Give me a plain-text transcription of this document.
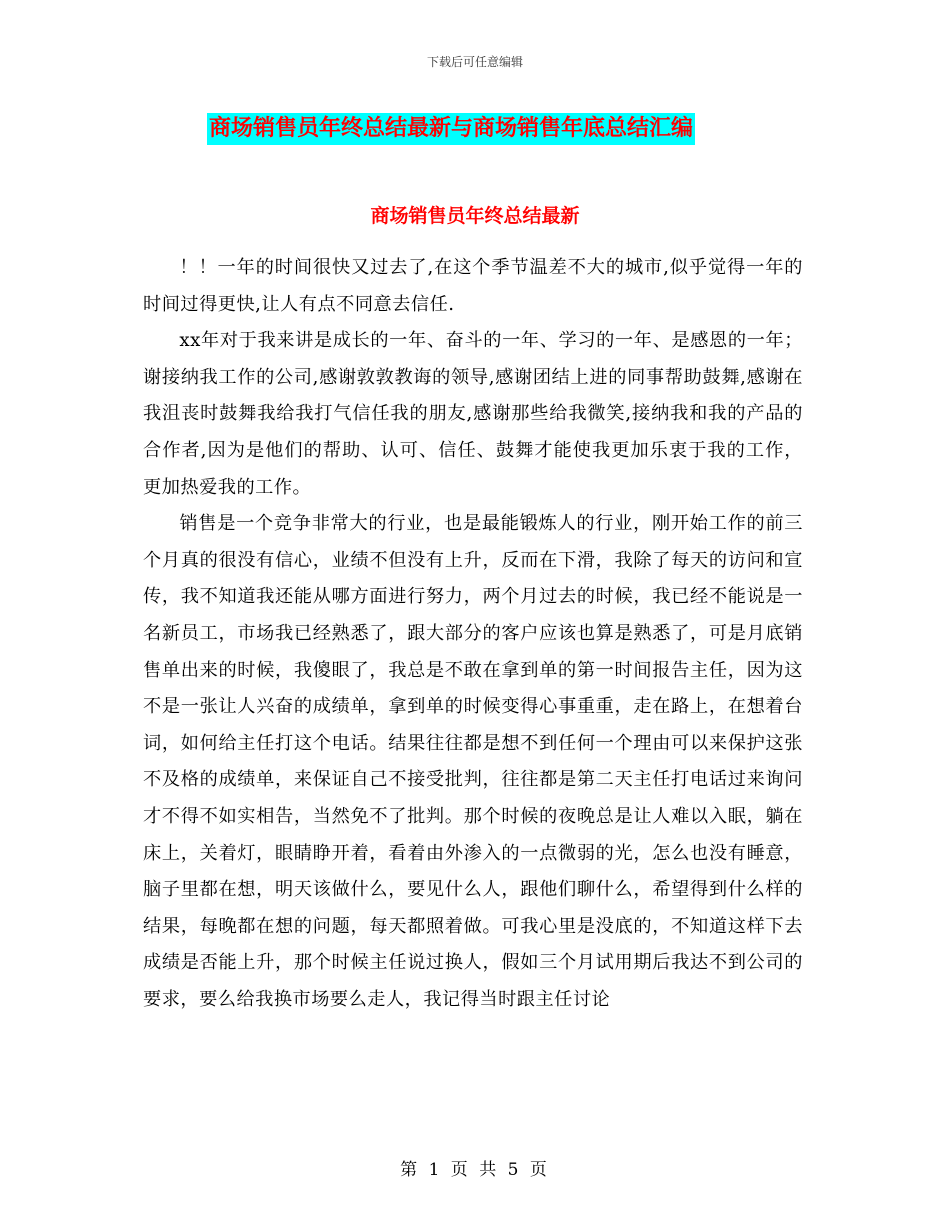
下载后可任意编辑
商场销售员年终总结最新与商场销售年底总结汇编
商场销售员年终总结最新

！！一年的时间很快又过去了,在这个季节温差不大的城市,似乎觉得一年的时间过得更快,让人有点不同意去信任.

xx年对于我来讲是成长的一年、奋斗的一年、学习的一年、是感恩的一年；谢接纳我工作的公司,感谢敦敦教诲的领导,感谢团结上进的同事帮助鼓舞,感谢在我沮丧时鼓舞我给我打气信任我的朋友,感谢那些给我微笑,接纳我和我的产品的合作者,因为是他们的帮助、认可、信任、鼓舞才能使我更加乐衷于我的工作，更加热爱我的工作。

销售是一个竞争非常大的行业，也是最能锻炼人的行业，刚开始工作的前三个月真的很没有信心，业绩不但没有上升，反而在下滑，我除了每天的访问和宣传，我不知道我还能从哪方面进行努力，两个月过去的时候，我已经不能说是一名新员工，市场我已经熟悉了，跟大部分的客户应该也算是熟悉了，可是月底销售单出来的时候，我傻眼了，我总是不敢在拿到单的第一时间报告主任，因为这不是一张让人兴奋的成绩单，拿到单的时候变得心事重重，走在路上，在想着台词，如何给主任打这个电话。结果往往都是想不到任何一个理由可以来保护这张不及格的成绩单，来保证自己不接受批判，往往都是第二天主任打电话过来询问才不得不如实相告，当然免不了批判。那个时候的夜晚总是让人难以入眠，躺在床上，关着灯，眼睛睁开着，看着由外渗入的一点微弱的光，怎么也没有睡意，脑子里都在想，明天该做什么，要见什么人，跟他们聊什么，希望得到什么样的结果，每晚都在想的问题，每天都照着做。可我心里是没底的，不知道这样下去成绩是否能上升，那个时候主任说过换人，假如三个月试用期后我达不到公司的要求，要么给我换市场要么走人，我记得当时跟主任讨论

第 1 页 共 5 页
